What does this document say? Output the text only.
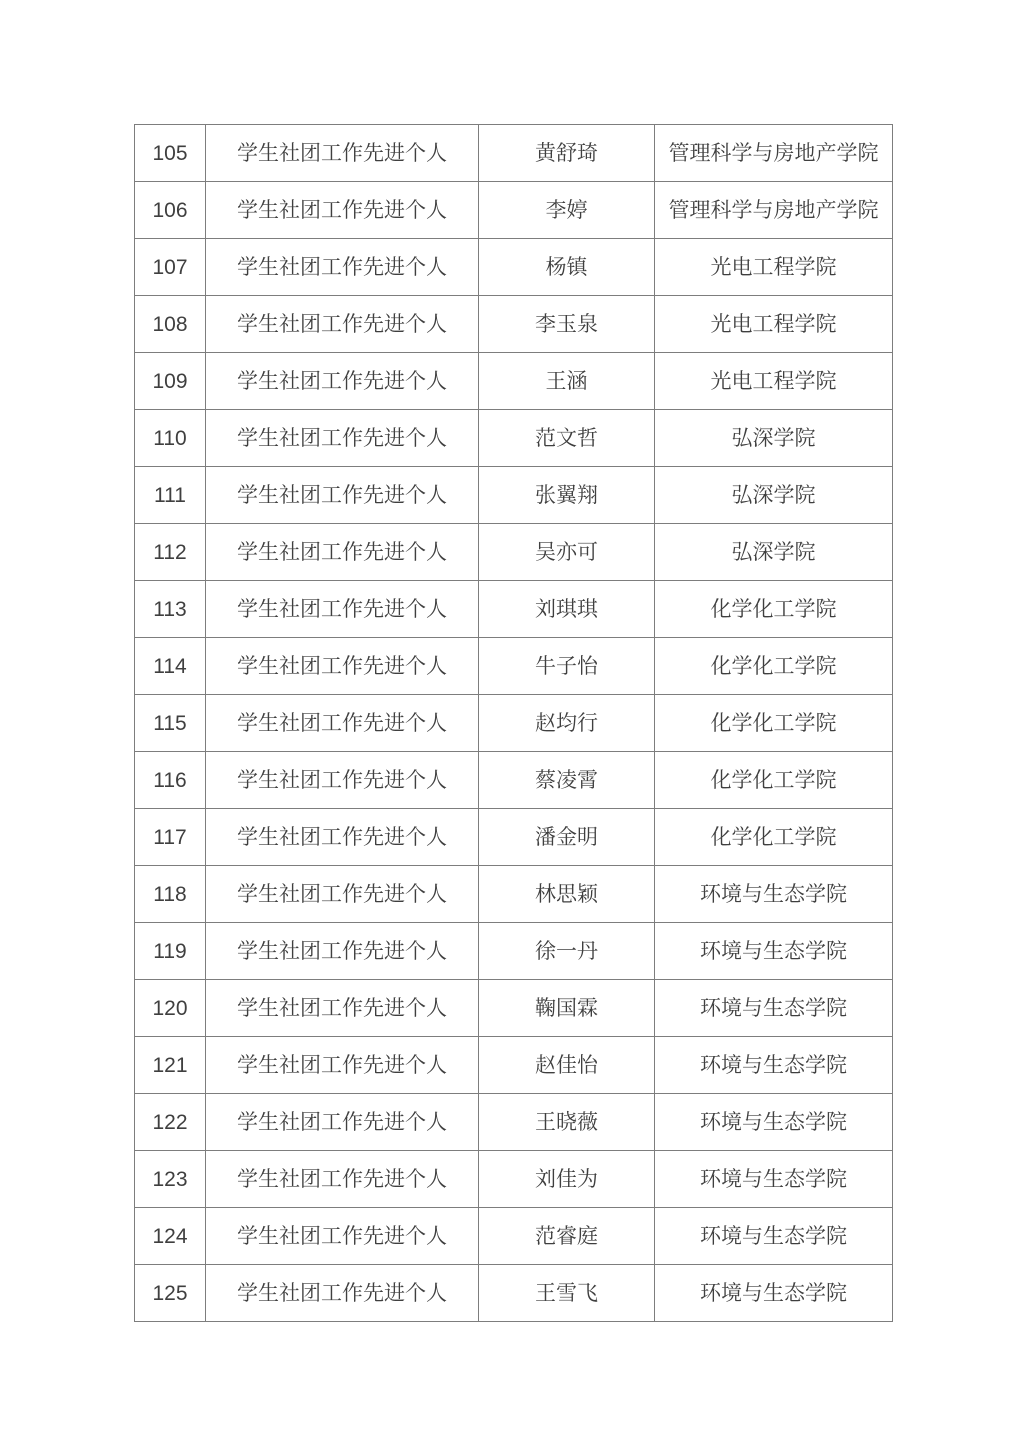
105	学生社团工作先进个人	黄舒琦	管理科学与房地产学院
106	学生社团工作先进个人	李婷	管理科学与房地产学院
107	学生社团工作先进个人	杨镇	光电工程学院
108	学生社团工作先进个人	李玉泉	光电工程学院
109	学生社团工作先进个人	王涵	光电工程学院
110	学生社团工作先进个人	范文哲	弘深学院
111	学生社团工作先进个人	张翼翔	弘深学院
112	学生社团工作先进个人	吴亦可	弘深学院
113	学生社团工作先进个人	刘琪琪	化学化工学院
114	学生社团工作先进个人	牛子怡	化学化工学院
115	学生社团工作先进个人	赵均行	化学化工学院
116	学生社团工作先进个人	蔡凌霄	化学化工学院
117	学生社团工作先进个人	潘金明	化学化工学院
118	学生社团工作先进个人	林思颖	环境与生态学院
119	学生社团工作先进个人	徐一丹	环境与生态学院
120	学生社团工作先进个人	鞠国霖	环境与生态学院
121	学生社团工作先进个人	赵佳怡	环境与生态学院
122	学生社团工作先进个人	王晓薇	环境与生态学院
123	学生社团工作先进个人	刘佳为	环境与生态学院
124	学生社团工作先进个人	范睿庭	环境与生态学院
125	学生社团工作先进个人	王雪飞	环境与生态学院
